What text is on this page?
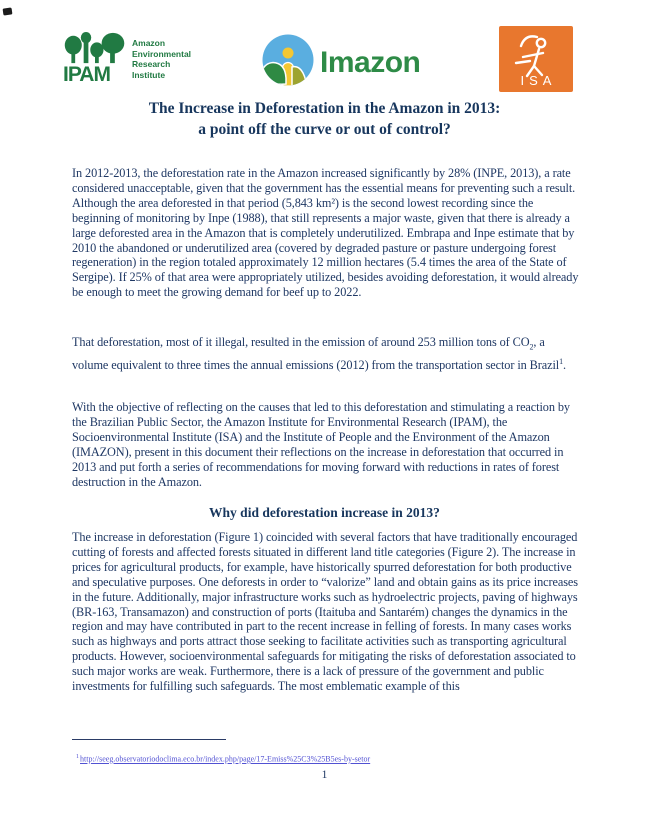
IPAM
Amazon
Environmental
Research
Institute	Imazon
ISA
The Increase in Deforestation in the Amazon in 2013:
a point off the curve or out of control?
In 2012-2013, the deforestation rate in the Amazon increased significantly by 28% (INPE, 2013), a rate considered unacceptable, given that the government has the essential means for preventing such a result. Although the area deforested in that period (5,843 km²) is the second lowest recording since the beginning of monitoring by Inpe (1988), that still represents a major waste, given that there is already a large deforested area in the Amazon that is completely underutilized. Embrapa and Inpe estimate that by 2010 the abandoned or underutilized area (covered by degraded pasture or pasture undergoing forest regeneration) in the region totaled approximately 12 million hectares (5.4 times the area of the State of Sergipe). If 25% of that area were appropriately utilized, besides avoiding deforestation, it would already be enough to meet the growing demand for beef up to 2022.
That deforestation, most of it illegal, resulted in the emission of around 253 million tons of $CO_2$, a volume equivalent to three times the annual emissions (2012) from the transportation sector in Brazil$^1$.
With the objective of reflecting on the causes that led to this deforestation and stimulating a reaction by the Brazilian Public Sector, the Amazon Institute for Environmental Research (IPAM), the Socioenvironmental Institute (ISA) and the Institute of People and the Environment of the Amazon (IMAZON), present in this document their reflections on the increase in deforestation that occurred in 2013 and put forth a series of recommendations for moving forward with reductions in rates of forest destruction in the Amazon.
Why did deforestation increase in 2013?
The increase in deforestation (Figure 1) coincided with several factors that have traditionally encouraged cutting of forests and affected forests situated in different land title categories (Figure 2). The increase in prices for agricultural products, for example, have historically spurred deforestation for both productive and speculative purposes. One deforests in order to “valorize” land and obtain gains as its price increases in the future. Additionally, major infrastructure works such as hydroelectric projects, paving of highways (BR-163, Transamazon) and construction of ports (Itaituba and Santarém) changes the dynamics in the region and may have contributed in part to the recent increase in felling of forests. In many cases works such as highways and ports attract those seeking to facilitate activities such as transporting agricultural products. However, socioenvironmental safeguards for mitigating the risks of deforestation associated to such major works are weak. Furthermore, there is a lack of pressure of the government and public investments for fulfilling such safeguards. The most emblematic example of this
$^1$http://seeg.observatoriodoclima.eco.br/index.php/page/17-Emiss%25C3%25B5es-by-setor
1
